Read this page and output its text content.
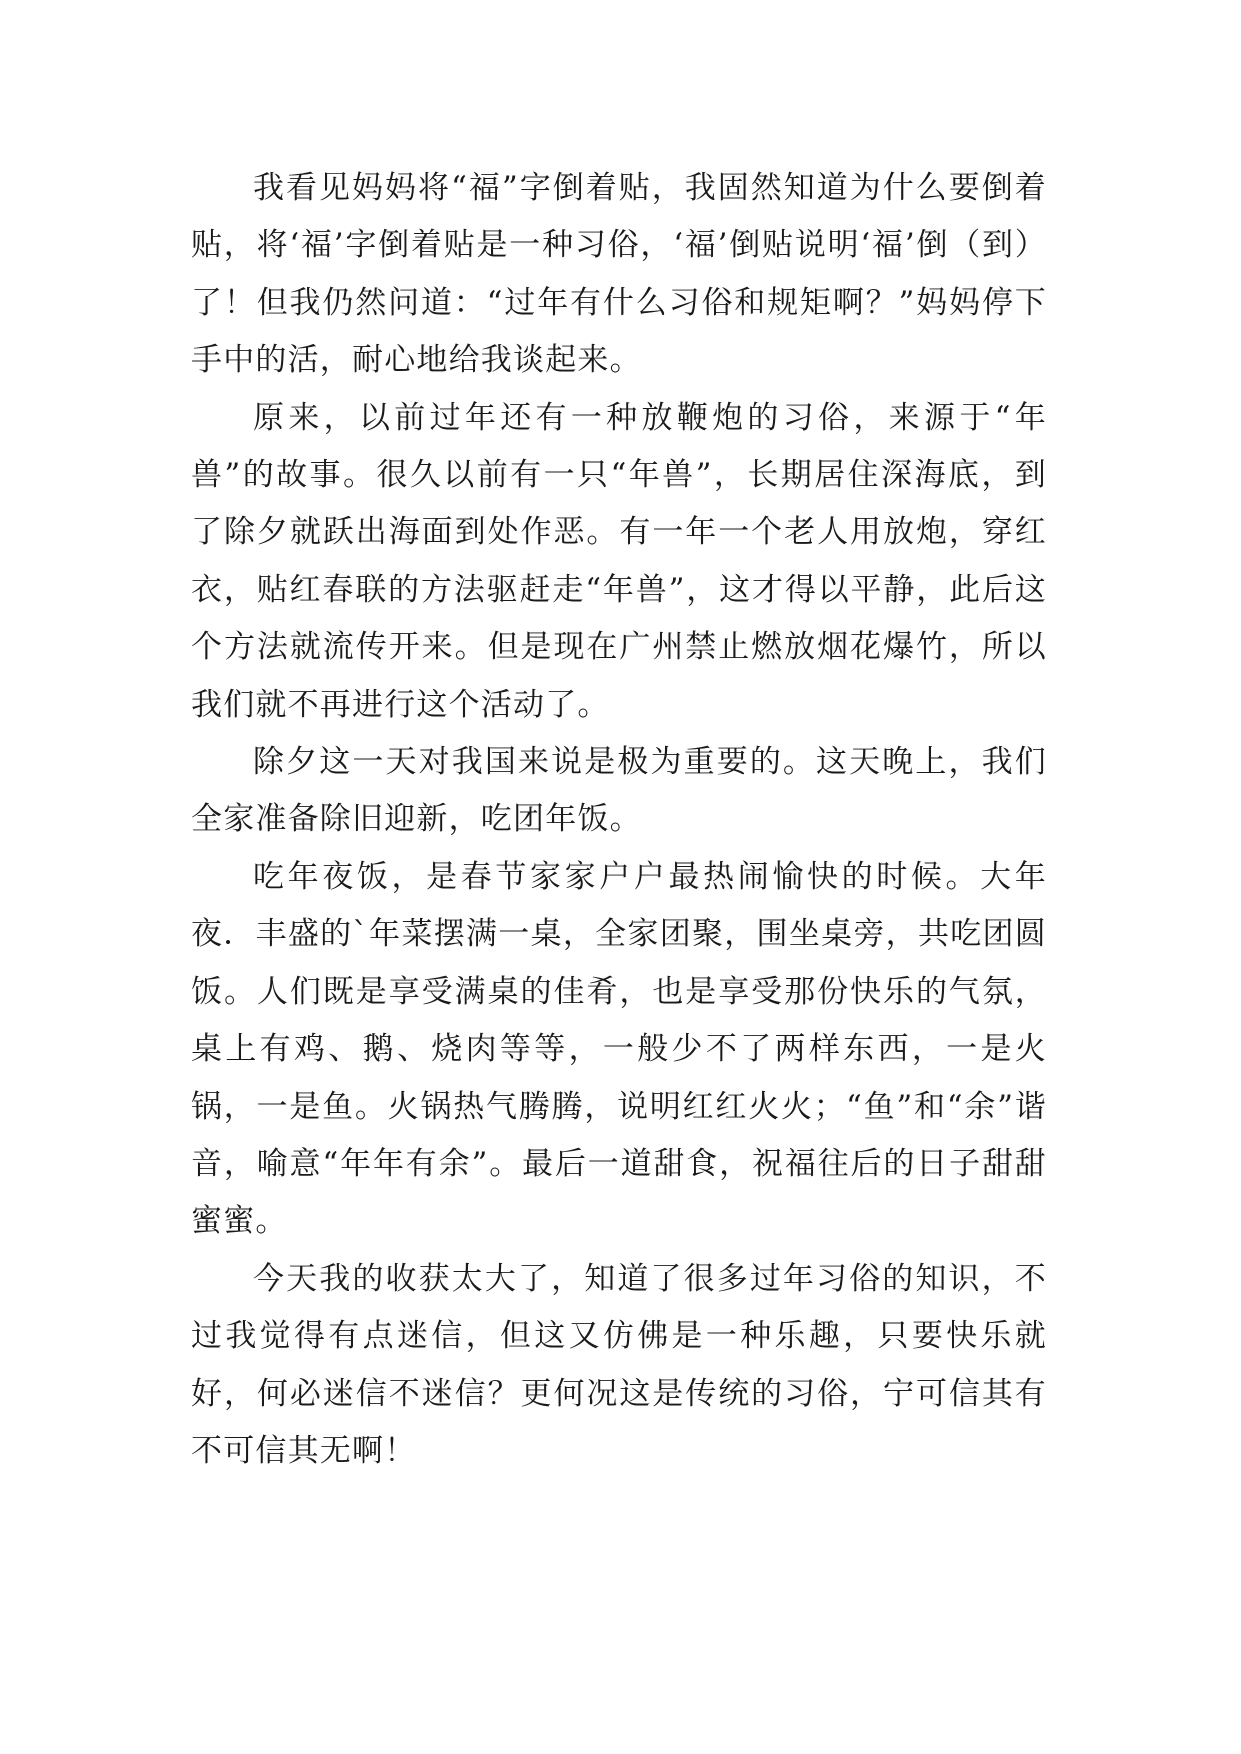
我看见妈妈将“福”字倒着贴，我固然知道为什么要倒着贴，将‘福’字倒着贴是一种习俗，‘福’倒贴说明‘福’倒（到）了！但我仍然问道：“过年有什么习俗和规矩啊？”妈妈停下手中的活，耐心地给我谈起来。

原来，以前过年还有一种放鞭炮的习俗，来源于“年兽”的故事。很久以前有一只“年兽”，长期居住深海底，到了除夕就跃出海面到处作恶。有一年一个老人用放炮，穿红衣，贴红春联的方法驱赶走“年兽”，这才得以平静，此后这个方法就流传开来。但是现在广州禁止燃放烟花爆竹，所以我们就不再进行这个活动了。

除夕这一天对我国来说是极为重要的。这天晚上，我们全家准备除旧迎新，吃团年饭。

吃年夜饭，是春节家家户户最热闹愉快的时候。大年夜．丰盛的`年菜摆满一桌，全家团聚，围坐桌旁，共吃团圆饭。人们既是享受满桌的佳肴，也是享受那份快乐的气氛，桌上有鸡、鹅、烧肉等等，一般少不了两样东西，一是火锅，一是鱼。火锅热气腾腾，说明红红火火；“鱼”和“余”谐音，喻意“年年有余”。最后一道甜食，祝福往后的日子甜甜蜜蜜。

今天我的收获太大了，知道了很多过年习俗的知识，不过我觉得有点迷信，但这又仿佛是一种乐趣，只要快乐就好，何必迷信不迷信？更何况这是传统的习俗，宁可信其有不可信其无啊！
